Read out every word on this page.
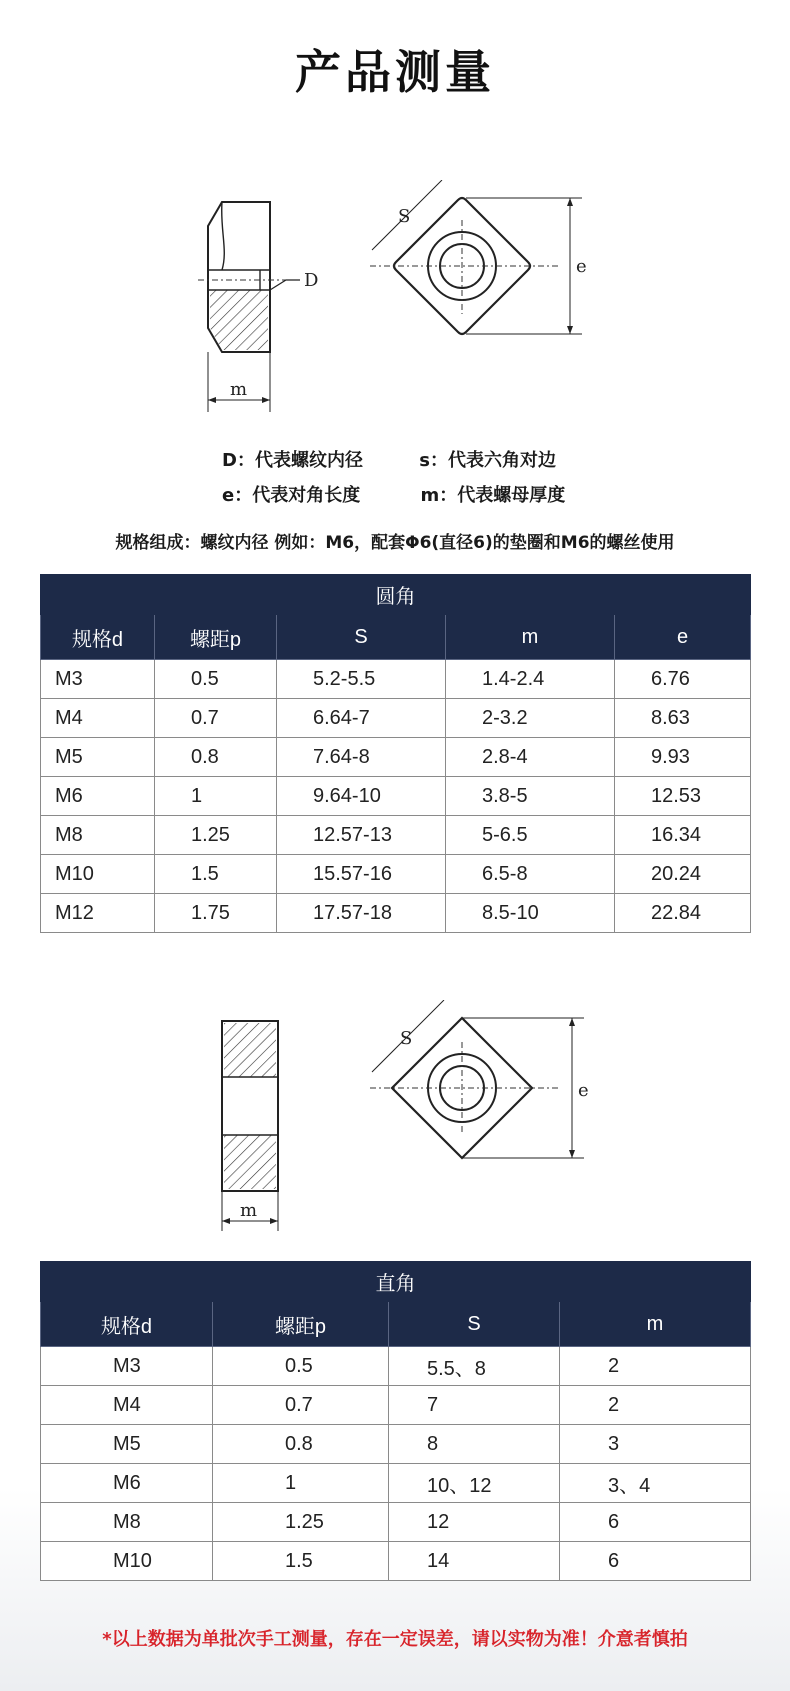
产品测量
D
m
S
e
D：代表螺纹内径	s：代表六角对边
e：代表对角长度	m：代表螺母厚度
规格组成：螺纹内径 例如：M6，配套Φ6(直径6)的垫圈和M6的螺丝使用
圆角				
规格d	螺距p	S	m	e
M3	0.5	5.2-5.5	1.4-2.4	6.76
M4	0.7	6.64-7	2-3.2	8.63
M5	0.8	7.64-8	2.8-4	9.93
M6	1	9.64-10	3.8-5	12.53
M8	1.25	12.57-13	5-6.5	16.34
M10	1.5	15.57-16	6.5-8	20.24
M12	1.75	17.57-18	8.5-10	22.84
m
S
e
直角			
规格d	螺距p	S	m
M3	0.5	5.5、8	2
M4	0.7	7	2
M5	0.8	8	3
M6	1	10、12	3、4
M8	1.25	12	6
M10	1.5	14	6
*以上数据为单批次手工测量，存在一定误差，请以实物为准！介意者慎拍
